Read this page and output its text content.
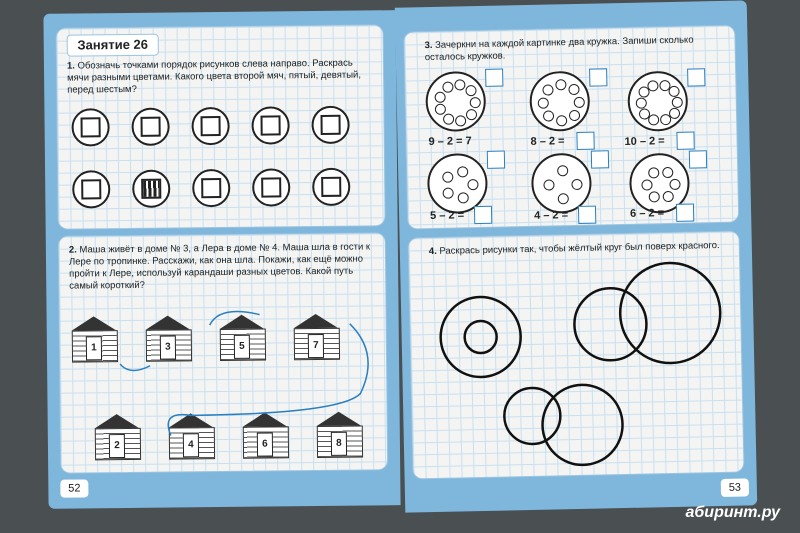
Занятие 26
1. Обозначь точками порядок рисунков слева направо. Раскрась мячи разными цветами. Какого цвета второй мяч, пятый, девятый, перед шестым?
2. Маша живёт в доме № 3, а Лера в доме № 4. Маша шла в гости к Лере по тропинке. Расскажи, как она шла. Покажи, как ещё можно пройти к Лере, используй карандаши разных цветов. Какой путь самый короткий?
1	3	5	7
2	4	6	8
52
3. Зачеркни на каждой картинке два кружка. Запиши сколько осталось кружков.
9 – 2 = 7	8 – 2 =	10 – 2 =
5 – 2 =	4 – 2 =	6 – 2 =
4. Раскрась рисунки так, чтобы жёлтый круг был поверх красного.
53
абиринт.ру
